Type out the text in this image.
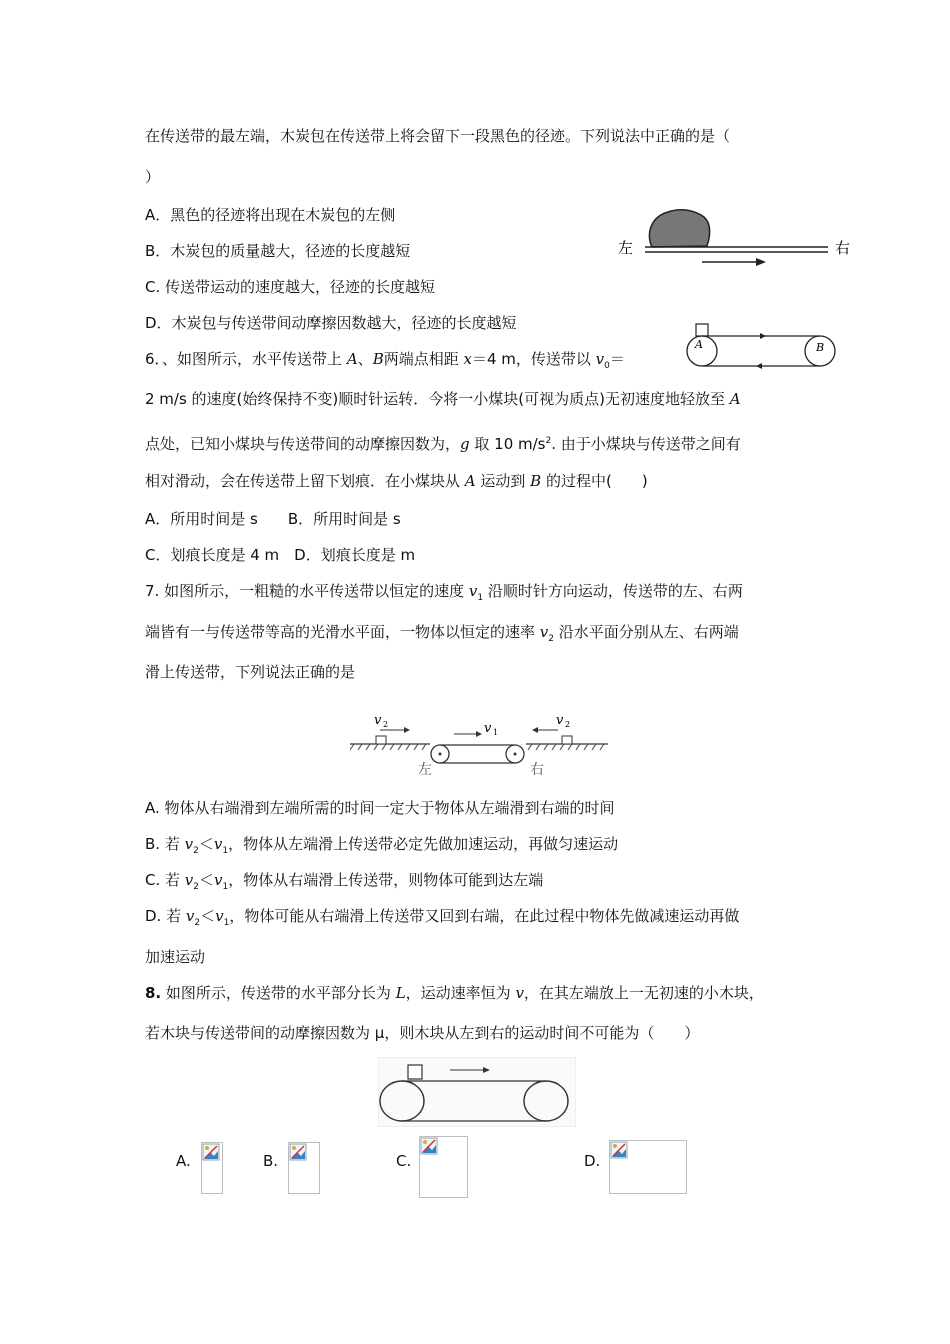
在传送带的最左端，木炭包在传送带上将会留下一段黑色的径迹。下列说法中正确的是（
）
A．黑色的径迹将出现在木炭包的左侧
B．木炭包的质量越大，径迹的长度越短
C. 传送带运动的速度越大，径迹的长度越短
D．木炭包与传送带间动摩擦因数越大，径迹的长度越短
左	右
6．、如图所示，水平传送带上 A、B两端点相距 x＝4 m，传送带以 $v_0=$
2 m/s 的速度(始终保持不变)顺时针运转．今将一小煤块(可视为质点)无初速度地轻放至 A
点处，已知小煤块与传送带间的动摩擦因数为，g 取 10 $m/s^2$. 由于小煤块与传送带之间有
相对滑动，会在传送带上留下划痕．在小煤块从 A 运动到 B 的过程中(　　)
A．所用时间是 s　　B．所用时间是 s
C．划痕长度是 4 m　D．划痕长度是 m
A	B
7. 如图所示，一粗糙的水平传送带以恒定的速度 $v_1$ 沿顺时针方向运动，传送带的左、右两
端皆有一与传送带等高的光滑水平面，一物体以恒定的速率 $v_2$ 沿水平面分别从左、右两端
滑上传送带，下列说法正确的是
v 2	v 1
v 2
左	右
A. 物体从右端滑到左端所需的时间一定大于物体从左端滑到右端的时间
B. 若 $v_2<v_1$，物体从左端滑上传送带必定先做加速运动，再做匀速运动
C. 若 $v_2<v_1$，物体从右端滑上传送带，则物体可能到达左端
D. 若 $v_2<v_1$，物体可能从右端滑上传送带又回到右端，在此过程中物体先做减速运动再做
加速运动
8. 如图所示，传送带的水平部分长为 L，运动速率恒为 v，在其左端放上一无初速的小木块，
若木块与传送带间的动摩擦因数为 μ，则木块从左到右的运动时间不可能为（　　）
A.	B.	C.	D.
